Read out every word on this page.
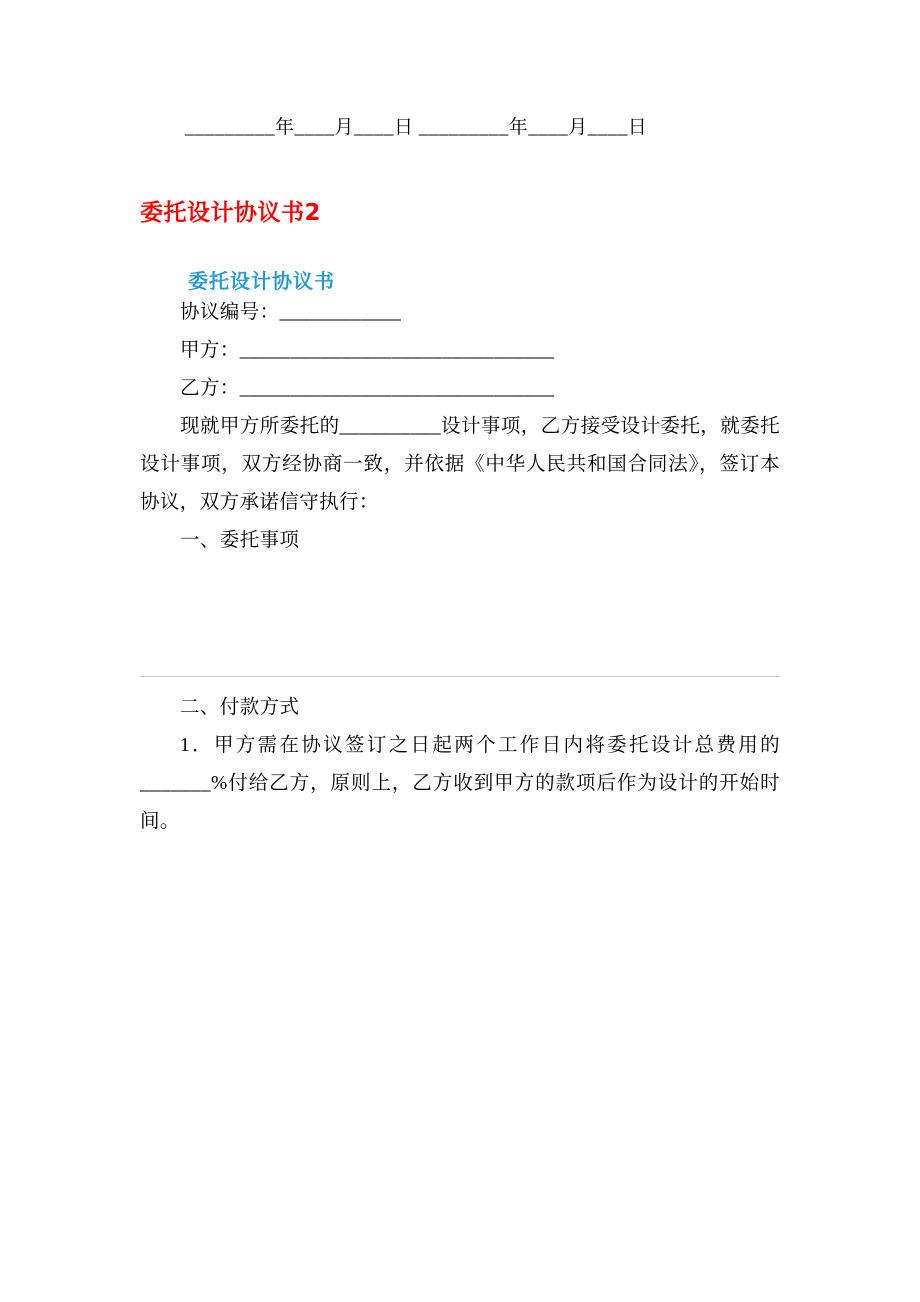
_________年____月____日 _________年____月____日
委托设计协议书2
委托设计协议书

协议编号：____________

甲方：_______________________________

乙方：_______________________________

现就甲方所委托的__________设计事项，乙方接受设计委托，就委托设计事项，双方经协商一致，并依据《中华人民共和国合同法》，签订本协议，双方承诺信守执行：

一、委托事项

二、付款方式

1．甲方需在协议签订之日起两个工作日内将委托设计总费用的_______%付给乙方，原则上，乙方收到甲方的款项后作为设计的开始时间。
